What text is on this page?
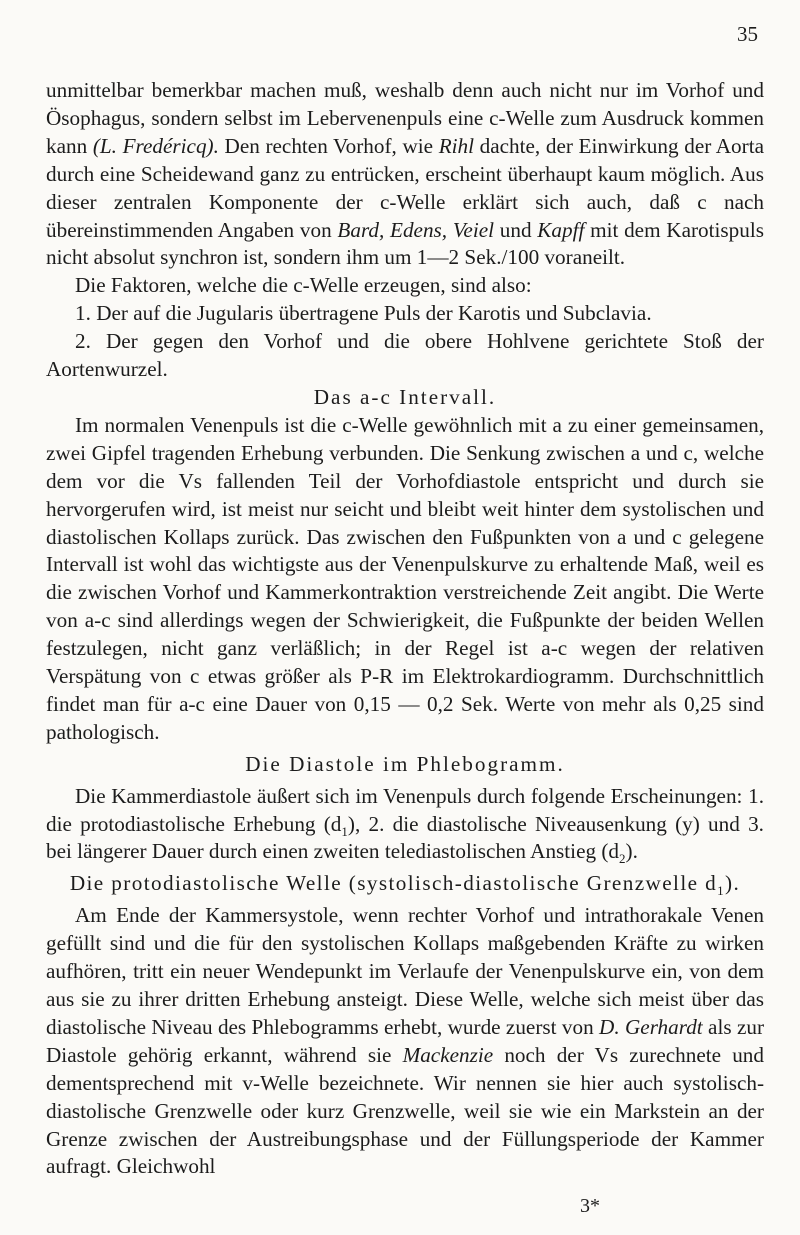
35

unmittelbar bemerkbar machen muß, weshalb denn auch nicht nur im Vorhof und Ösophagus, sondern selbst im Lebervenenpuls eine c-Welle zum Ausdruck kommen kann (L. Fredéricq). Den rechten Vorhof, wie Rihl dachte, der Einwirkung der Aorta durch eine Scheidewand ganz zu entrücken, erscheint überhaupt kaum möglich. Aus dieser zentralen Komponente der c-Welle erklärt sich auch, daß c nach übereinstimmenden Angaben von Bard, Edens, Veiel und Kapff mit dem Karotispuls nicht absolut synchron ist, sondern ihm um 1—2 Sek./100 voraneilt.

Die Faktoren, welche die c-Welle erzeugen, sind also:

1. Der auf die Jugularis übertragene Puls der Karotis und Subclavia.

2. Der gegen den Vorhof und die obere Hohlvene gerichtete Stoß der Aortenwurzel.

Das a-c Intervall.

Im normalen Venenpuls ist die c-Welle gewöhnlich mit a zu einer gemeinsamen, zwei Gipfel tragenden Erhebung verbunden. Die Senkung zwischen a und c, welche dem vor die Vs fallenden Teil der Vorhofdiastole entspricht und durch sie hervorgerufen wird, ist meist nur seicht und bleibt weit hinter dem systolischen und diastolischen Kollaps zurück. Das zwischen den Fußpunkten von a und c gelegene Intervall ist wohl das wichtigste aus der Venenpulskurve zu erhaltende Maß, weil es die zwischen Vorhof und Kammerkontraktion verstreichende Zeit angibt. Die Werte von a-c sind allerdings wegen der Schwierigkeit, die Fußpunkte der beiden Wellen festzulegen, nicht ganz verläßlich; in der Regel ist a-c wegen der relativen Verspätung von c etwas größer als P-R im Elektrokardiogramm. Durchschnittlich findet man für a-c eine Dauer von 0,15 — 0,2 Sek. Werte von mehr als 0,25 sind pathologisch.

Die Diastole im Phlebogramm.

Die Kammerdiastole äußert sich im Venenpuls durch folgende Erscheinungen: 1. die protodiastolische Erhebung $(d_1)$, 2. die diastolische Niveausenkung (y) und 3. bei längerer Dauer durch einen zweiten telediastolischen Anstieg $(d_2)$.

Die protodiastolische Welle (systolisch-diastolische Grenzwelle $d_1$).

Am Ende der Kammersystole, wenn rechter Vorhof und intrathorakale Venen gefüllt sind und die für den systolischen Kollaps maßgebenden Kräfte zu wirken aufhören, tritt ein neuer Wendepunkt im Verlaufe der Venenpulskurve ein, von dem aus sie zu ihrer dritten Erhebung ansteigt. Diese Welle, welche sich meist über das diastolische Niveau des Phlebogramms erhebt, wurde zuerst von D. Gerhardt als zur Diastole gehörig erkannt, während sie Mackenzie noch der Vs zurechnete und dementsprechend mit v-Welle bezeichnete. Wir nennen sie hier auch systolisch-diastolische Grenzwelle oder kurz Grenzwelle, weil sie wie ein Markstein an der Grenze zwischen der Austreibungsphase und der Füllungsperiode der Kammer aufragt. Gleichwohl

3*
